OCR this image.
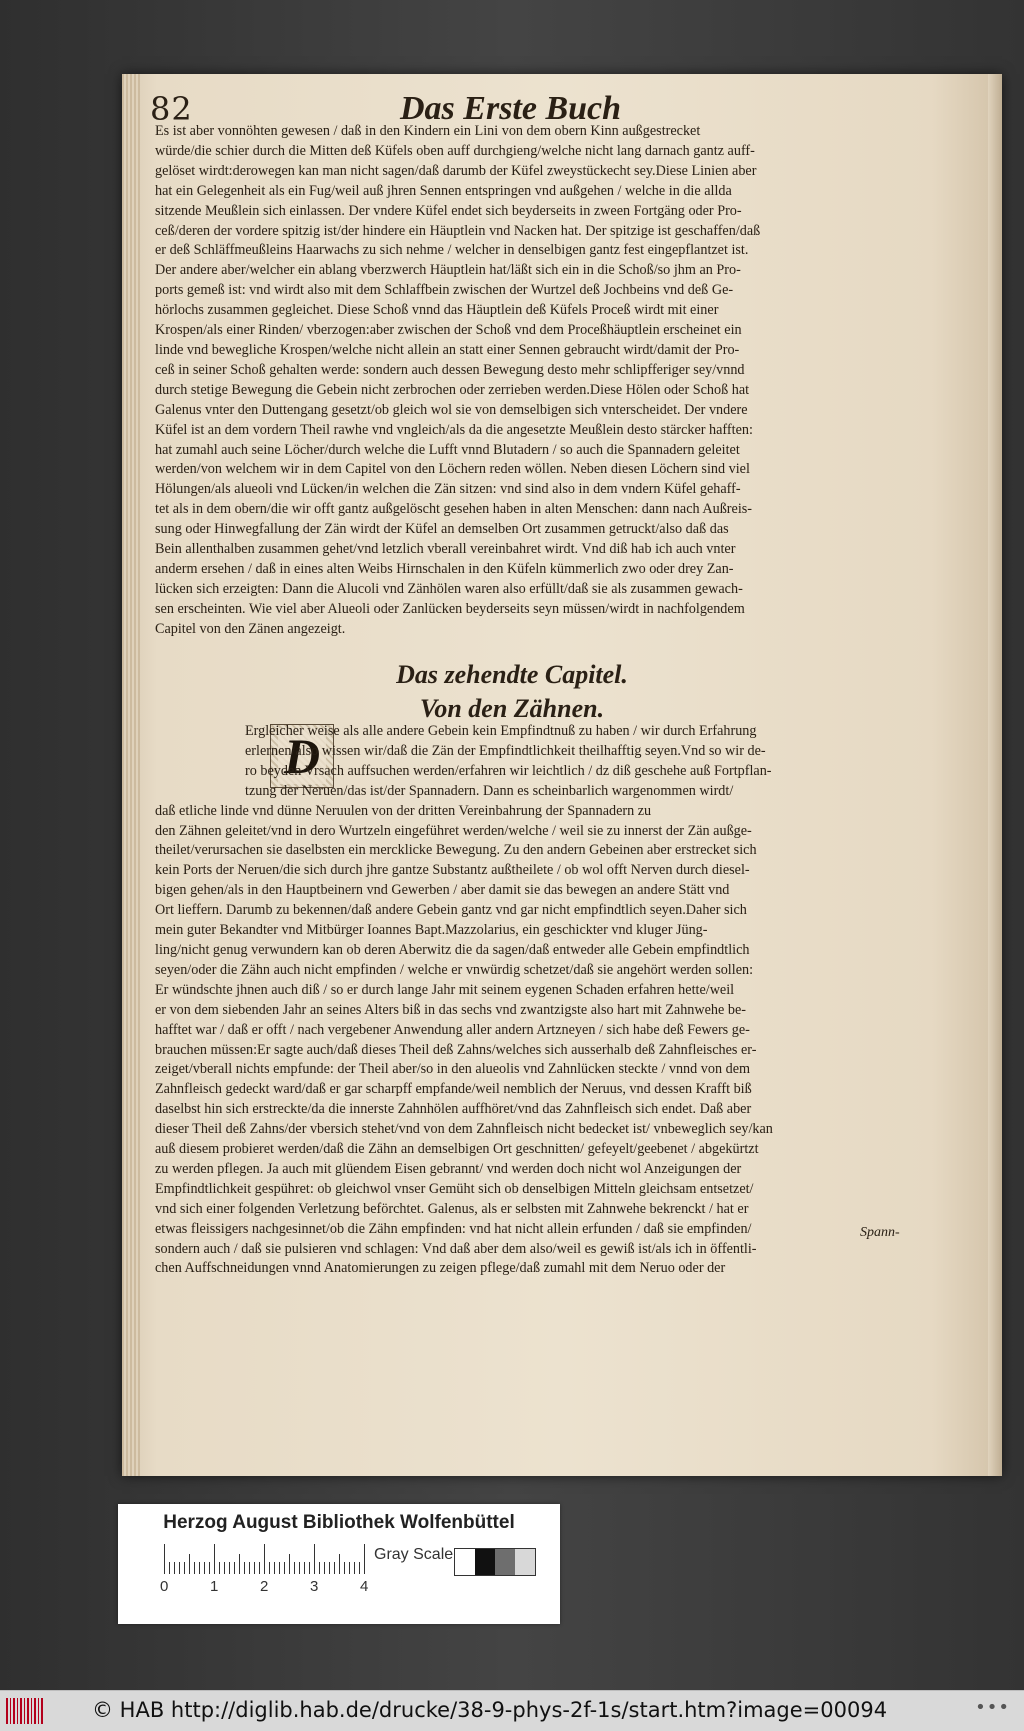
82	Das Erste Buch

Es ist aber vonnöhten gewesen / daß in den Kindern ein Lini von dem obern Kinn außgestrecket

würde/die schier durch die Mitten deß Küfels oben auff durchgieng/welche nicht lang darnach gantz auff-

gelöset wirdt:derowegen kan man nicht sagen/daß darumb der Küfel zweystückecht sey.Diese Linien aber

hat ein Gelegenheit als ein Fug/weil auß jhren Sennen entspringen vnd außgehen / welche in die allda

sitzende Meußlein sich einlassen. Der vndere Küfel endet sich beyderseits in zween Fortgäng oder Pro-

ceß/deren der vordere spitzig ist/der hindere ein Häuptlein vnd Nacken hat. Der spitzige ist geschaffen/daß

er deß Schläffmeußleins Haarwachs zu sich nehme / welcher in denselbigen gantz fest eingepflantzet ist.

Der andere aber/welcher ein ablang vberzwerch Häuptlein hat/läßt sich ein in die Schoß/so jhm an Pro-

ports gemeß ist: vnd wirdt also mit dem Schlaffbein zwischen der Wurtzel deß Jochbeins vnd deß Ge-

hörlochs zusammen gegleichet. Diese Schoß vnnd das Häuptlein deß Küfels Proceß wirdt mit einer

Krospen/als einer Rinden/ vberzogen:aber zwischen der Schoß vnd dem Proceßhäuptlein erscheinet ein

linde vnd bewegliche Krospen/welche nicht allein an statt einer Sennen gebraucht wirdt/damit der Pro-

ceß in seiner Schoß gehalten werde: sondern auch dessen Bewegung desto mehr schlipfferiger sey/vnnd

durch stetige Bewegung die Gebein nicht zerbrochen oder zerrieben werden.Diese Hölen oder Schoß hat

Galenus vnter den Duttengang gesetzt/ob gleich wol sie von demselbigen sich vnterscheidet. Der vndere

Küfel ist an dem vordern Theil rawhe vnd vngleich/als da die angesetzte Meußlein desto stärcker hafften:

hat zumahl auch seine Löcher/durch welche die Lufft vnnd Blutadern / so auch die Spannadern geleitet

werden/von welchem wir in dem Capitel von den Löchern reden wöllen. Neben diesen Löchern sind viel

Hölungen/als alueoli vnd Lücken/in welchen die Zän sitzen: vnd sind also in dem vndern Küfel gehaff-

tet als in dem obern/die wir offt gantz außgelöscht gesehen haben in alten Menschen: dann nach Außreis-

sung oder Hinwegfallung der Zän wirdt der Küfel an demselben Ort zusammen getruckt/also daß das

Bein allenthalben zusammen gehet/vnd letzlich vberall vereinbahret wirdt. Vnd diß hab ich auch vnter

anderm ersehen / daß in eines alten Weibs Hirnschalen in den Küfeln kümmerlich zwo oder drey Zan-

lücken sich erzeigten: Dann die Alucoli vnd Zänhölen waren also erfüllt/daß sie als zusammen gewach-

sen erscheinten. Wie viel aber Alueoli oder Zanlücken beyderseits seyn müssen/wirdt in nachfolgendem

Capitel von den Zänen angezeigt.

Das zehendte Capitel.
Von den Zähnen.
D

Ergleicher weise als alle andere Gebein kein Empfindtnuß zu haben / wir durch Erfahrung

erlernen/also wissen wir/daß die Zän der Empfindtlichkeit theilhafftig seyen.Vnd so wir de-

ro beyden Vrsach auffsuchen werden/erfahren wir leichtlich / dz diß geschehe auß Fortpflan-

tzung der Neruen/das ist/der Spannadern. Dann es scheinbarlich wargenommen wirdt/

daß etliche linde vnd dünne Neruulen von der dritten Vereinbahrung der Spannadern zu

den Zähnen geleitet/vnd in dero Wurtzeln eingeführet werden/welche / weil sie zu innerst der Zän außge-

theilet/verursachen sie daselbsten ein mercklicke Bewegung. Zu den andern Gebeinen aber erstrecket sich

kein Ports der Neruen/die sich durch jhre gantze Substantz außtheilete / ob wol offt Nerven durch diesel-

bigen gehen/als in den Hauptbeinern vnd Gewerben / aber damit sie das bewegen an andere Stätt vnd

Ort lieffern. Darumb zu bekennen/daß andere Gebein gantz vnd gar nicht empfindtlich seyen.Daher sich

mein guter Bekandter vnd Mitbürger Ioannes Bapt.Mazzolarius, ein geschickter vnd kluger Jüng-

ling/nicht genug verwundern kan ob deren Aberwitz die da sagen/daß entweder alle Gebein empfindtlich

seyen/oder die Zähn auch nicht empfinden / welche er vnwürdig schetzet/daß sie angehört werden sollen:

Er wündschte jhnen auch diß / so er durch lange Jahr mit seinem eygenen Schaden erfahren hette/weil

er von dem siebenden Jahr an seines Alters biß in das sechs vnd zwantzigste also hart mit Zahnwehe be-

hafftet war / daß er offt / nach vergebener Anwendung aller andern Artzneyen / sich habe deß Fewers ge-

brauchen müssen:Er sagte auch/daß dieses Theil deß Zahns/welches sich ausserhalb deß Zahnfleisches er-

zeiget/vberall nichts empfunde: der Theil aber/so in den alueolis vnd Zahnlücken steckte / vnnd von dem

Zahnfleisch gedeckt ward/daß er gar scharpff empfande/weil nemblich der Neruus, vnd dessen Krafft biß

daselbst hin sich erstreckte/da die innerste Zahnhölen auffhöret/vnd das Zahnfleisch sich endet. Daß aber

dieser Theil deß Zahns/der vbersich stehet/vnd von dem Zahnfleisch nicht bedecket ist/ vnbeweglich sey/kan

auß diesem probieret werden/daß die Zähn an demselbigen Ort geschnitten/ gefeyelt/geebenet / abgekürtzt

zu werden pflegen. Ja auch mit glüendem Eisen gebrannt/ vnd werden doch nicht wol Anzeigungen der

Empfindtlichkeit gespühret: ob gleichwol vnser Gemüht sich ob denselbigen Mitteln gleichsam entsetzet/

vnd sich einer folgenden Verletzung beförchtet. Galenus, als er selbsten mit Zahnwehe bekrenckt / hat er

etwas fleissigers nachgesinnet/ob die Zähn empfinden: vnd hat nicht allein erfunden / daß sie empfinden/

sondern auch / daß sie pulsieren vnd schlagen: Vnd daß aber dem also/weil es gewiß ist/als ich in öffentli-

chen Auffschneidungen vnnd Anatomierungen zu zeigen pflege/daß zumahl mit dem Neruo oder der

Spann-
Herzog August Bibliothek Wolfenbüttel
0	1	2	3	4
Gray Scale
© HAB http://diglib.hab.de/drucke/38-9-phys-2f-1s/start.htm?image=00094	•••
